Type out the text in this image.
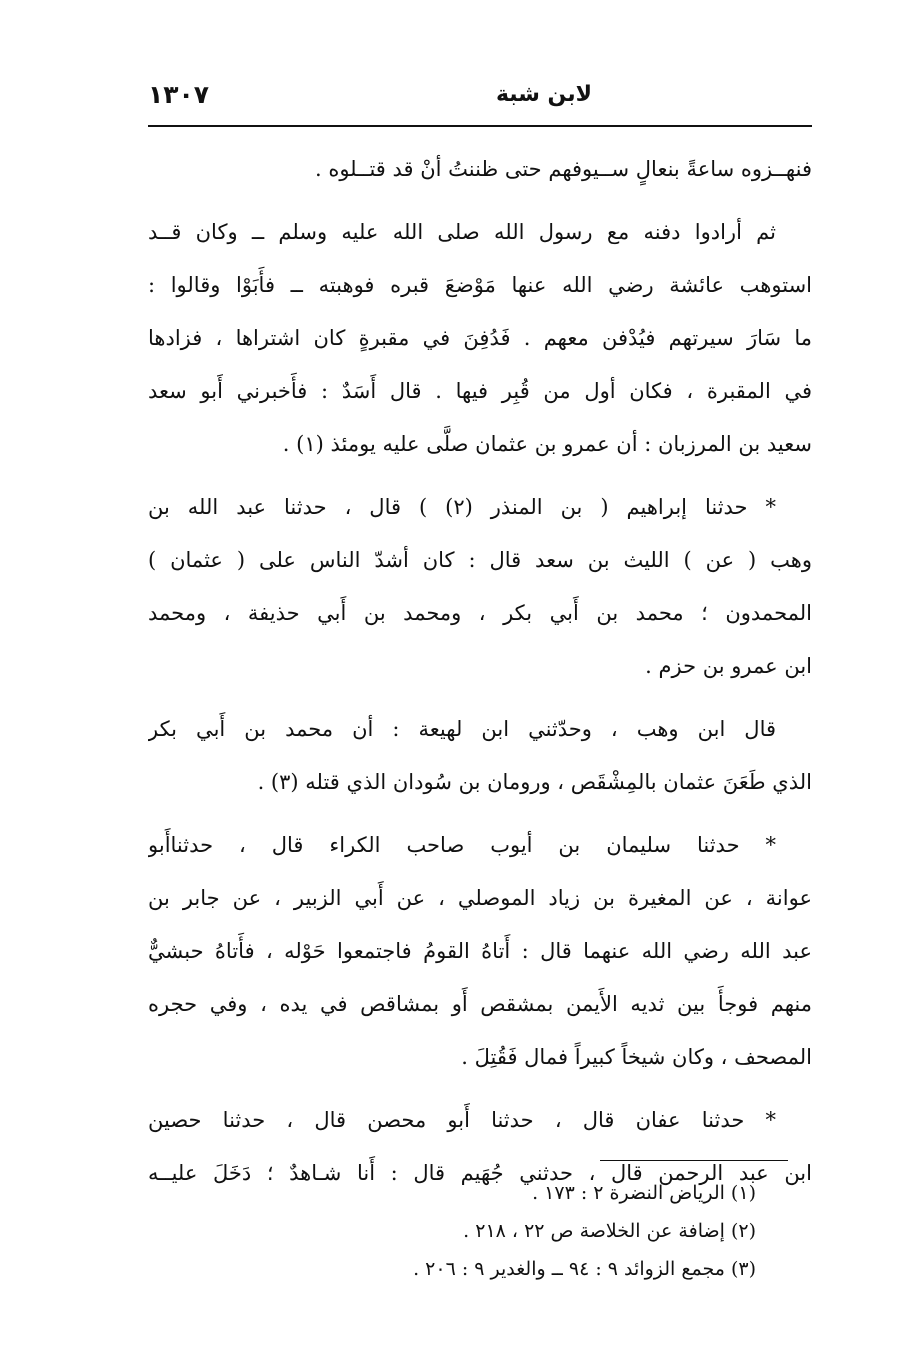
لابن شبة
١٣٠٧
فنهــزوه ساعةً بنعالٍ ســيوفهم حتى ظننتُ أنْ قد قتــلوه .
ثم أرادوا دفنه مع رسول الله صلى الله عليه وسلم ــ وكان قــد
استوهب عائشة رضي الله عنها مَوْضعَ قبره فوهبته ــ فأَبَوْا وقالوا :
ما سَارَ سيرتهم فيُدْفن معهم . فَدُفِنَ في مقبرةٍ كان اشتراها ، فزادها
في المقبرة ، فكان أول من قُبِر فيها . قال أَسَدٌ : فأَخبرني أَبو سعد
سعيد بن المرزبان : أن عمرو بن عثمان صلَّى عليه يومئذ (١) .
* حدثنا إبراهيم ( بن المنذر (٢) ) قال ، حدثنا عبد الله بن
وهب ( عن ) الليث بن سعد قال : كان أشدّ الناس على ( عثمان )
المحمدون ؛ محمد بن أَبي بكر ، ومحمد بن أَبي حذيفة ، ومحمد
ابن عمرو بن حزم .
قال ابن وهب ، وحدّثني ابن لهيعة : أن محمد بن أَبي بكر
الذي طَعَنَ عثمان بالمِشْقَص ، ورومان بن سُودان الذي قتله (٣) .
* حدثنا سليمان بن أيوب صاحب الكراء قال ، حدثناأَبو
عوانة ، عن المغيرة بن زياد الموصلي ، عن أَبي الزبير ، عن جابر بن
عبد الله رضي الله عنهما قال : أَتاهُ القومُ فاجتمعوا حَوْله ، فأَتاهُ حبشيٌّ
منهم فوجأَ بين ثديه الأَيمن بمشقص أَو بمشاقص في يده ، وفي حجره
المصحف ، وكان شيخاً كبيراً فمال فَقُتِلَ .
* حدثنا عفان قال ، حدثنا أَبو محصن قال ، حدثنا حصين
ابن عبد الرحمن قال ، حدثني جُهَيم قال : أَنا شـاهدٌ ؛ دَخَلَ عليــه
(١) الرياض النضرة ٢ : ١٧٣ .
(٢) إضافة عن الخلاصة ص ٢٢ ، ٢١٨ .
(٣) مجمع الزوائد ٩ : ٩٤ ــ والغدير ٩ : ٢٠٦ .
